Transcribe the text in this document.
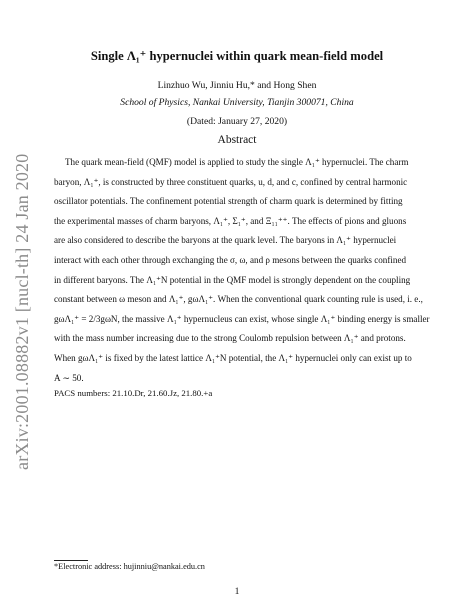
arXiv:2001.08882v1 [nucl-th] 24 Jan 2020
Single Λ₁⁺ hypernuclei within quark mean-field model
Linzhuo Wu, Jinniu Hu,* and Hong Shen
School of Physics, Nankai University, Tianjin 300071, China
(Dated: January 27, 2020)
Abstract
The quark mean-field (QMF) model is applied to study the single Λ₁⁺ hypernuclei. The charm
baryon, Λ₁⁺, is constructed by three constituent quarks, u, d, and c, confined by central harmonic
oscillator potentials. The confinement potential strength of charm quark is determined by fitting
the experimental masses of charm baryons, Λ₁⁺, Σ₁⁺, and Ξ₁₁⁺⁺. The effects of pions and gluons
are also considered to describe the baryons at the quark level. The baryons in Λ₁⁺ hypernuclei
interact with each other through exchanging the σ, ω, and ρ mesons between the quarks confined
in different baryons. The Λ₁⁺N potential in the QMF model is strongly dependent on the coupling
constant between ω meson and Λ₁⁺, gωΛ₁⁺. When the conventional quark counting rule is used, i. e.,
gωΛ₁⁺ = 2/3gωN, the massive Λ₁⁺ hypernucleus can exist, whose single Λ₁⁺ binding energy is smaller
with the mass number increasing due to the strong Coulomb repulsion between Λ₁⁺ and protons.
When gωΛ₁⁺ is fixed by the latest lattice Λ₁⁺N potential, the Λ₁⁺ hypernuclei only can exist up to
A ∼ 50.
PACS numbers: 21.10.Dr, 21.60.Jz, 21.80.+a
*Electronic address: hujinniu@nankai.edu.cn
1
